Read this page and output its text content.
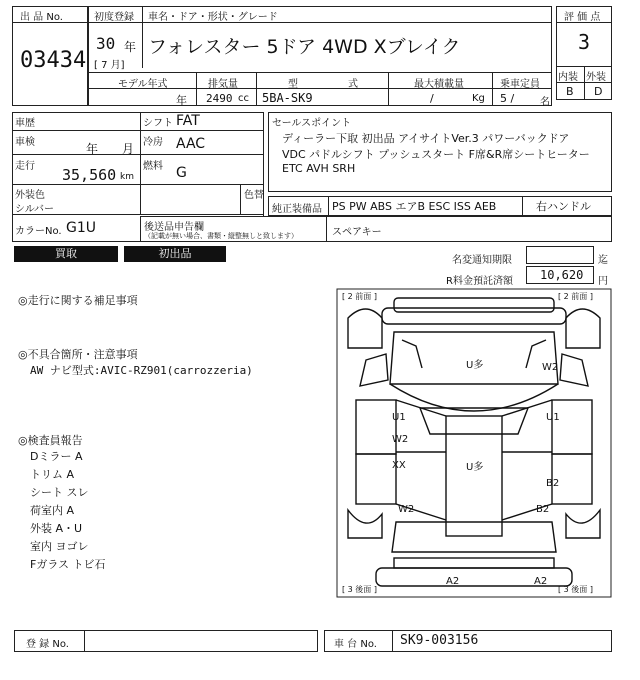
出 品 No.
03434
初度登録 車名・ドア・形状・グレード
30 年
[ 7 月]
フォレスター 5ドア 4WD Xブレイク
モデル年式
年
排気量
2490 cc
型	式
5BA-SK9
最大積載量
/	Kg
乗車定員
5 /	名
評 価 点
3
内装 外装
B D
車歴	シフト FAT
車検	年 月 冷房 AAC
走行 35,560 km
燃料 G
外装色
シルバー
色替
カラーNo. G1U
セールスポイント
ディーラー下取 初出品 アイサイトVer.3 パワーバックドア
VDC パドルシフト プッシュスタート F席&R席シートヒーター
ETC AVH SRH
純正装備品 PS PW ABS エアB ESC ISS AEB	右ハンドル
後送品申告欄
（記載が無い場合、書類・縦整無しと致します）	スペアキー
買取	初出品
名変通知期限	迄
R料金預託済額 10,620 円
◎走行に関する補足事項
◎不具合箇所・注意事項
AW ナビ型式:AVIC-RZ901(carrozzeria)
◎検査員報告
Dミラー A
トリム A
シート スレ
荷室内 A
外装 A・U
室内 ヨゴレ
Fガラス トビ石
[ 2 前面 ]	[ 2 前面 ]
[ 3 後面 ]	[ 3 後面 ]
U多
U多
W2
U1	U1
W2
XX
B2
W2	B2
A2	A2
登 録 No.	車 台 No. SK9-003156
